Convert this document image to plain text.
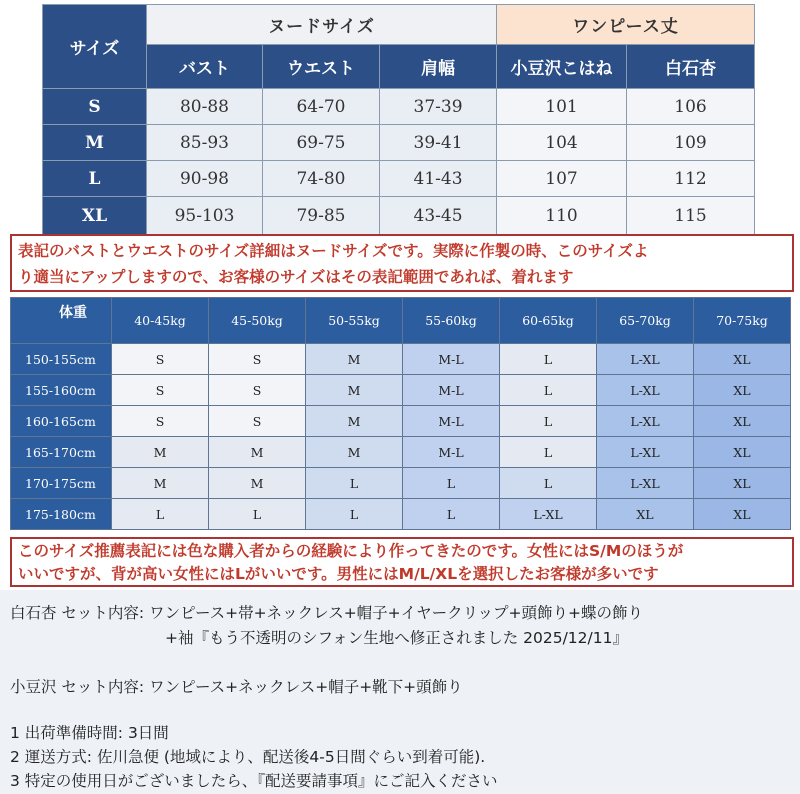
サイズ	ヌードサイズ			ワンピース丈	
	バスト	ウエスト	肩幅	小豆沢こはね	白石杏
S	80-88	64-70	37-39	101	106
M	85-93	69-75	39-41	104	109
L	90-98	74-80	41-43	107	112
XL	95-103	79-85	43-45	110	115
表記のバストとウエストのサイズ詳細はヌードサイズです。実際に作製の時、このサイズよ
り適当にアップしますので、お客様のサイズはその表記範囲であれば、着れます
体重	40-45kg	45-50kg	50-55kg	55-60kg	60-65kg	65-70kg	70-75kg
150-155cm	S	S	M	M-L	L	L-XL	XL
155-160cm	S	S	M	M-L	L	L-XL	XL
160-165cm	S	S	M	M-L	L	L-XL	XL
165-170cm	M	M	M	M-L	L	L-XL	XL
170-175cm	M	M	L	L	L	L-XL	XL
175-180cm	L	L	L	L	L-XL	XL	XL
このサイズ推薦表記には色な購入者からの経験により作ってきたのです。女性にはS/Mのほうが
いいですが、背が高い女性にはLがいいです。男性にはM/L/XLを選択したお客様が多いです
白石杏 セット内容: ワンピース+帯+ネックレス+帽子+イヤークリップ+頭飾り+蝶の飾り
+袖『もう不透明のシフォン生地へ修正されました 2025/12/11』
小豆沢 セット内容: ワンピース+ネックレス+帽子+靴下+頭飾り
1 出荷準備時間: 3日間
2 運送方式: 佐川急便 (地域により、配送後4-5日間ぐらい到着可能).
3 特定の使用日がございましたら、『配送要請事項』にご記入ください
